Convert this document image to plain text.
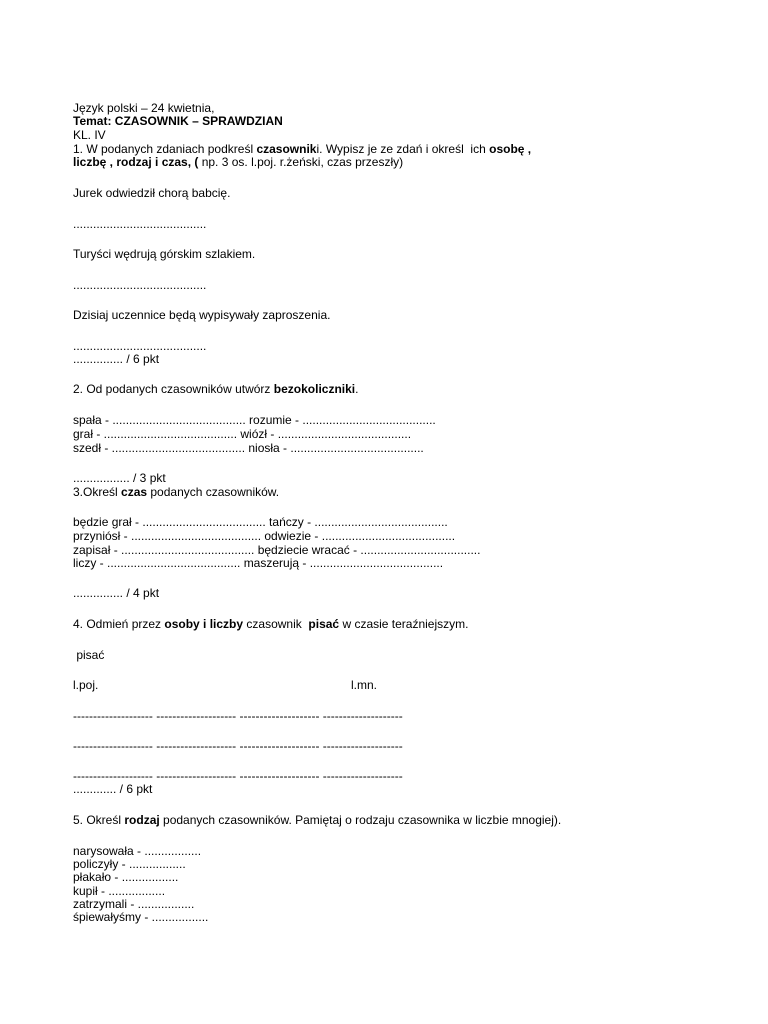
Język polski – 24 kwietnia,
Temat: CZASOWNIK – SPRAWDZIAN
KL. IV
1. W podanych zdaniach podkreśl czasowniki. Wypisz je ze zdań i określ  ich osobę ,
liczbę , rodzaj i czas, ( np. 3 os. l.poj. r.żeński, czas przeszły)
Jurek odwiedził chorą babcię.
........................................
Turyści wędrują górskim szlakiem.
........................................
Dzisiaj uczennice będą wypisywały zaproszenia.
........................................
............... / 6 pkt
2. Od podanych czasowników utwórz bezokoliczniki.
spała - ........................................ rozumie - ........................................
grał - ........................................ wiózł - ........................................
szedł - ........................................ niosła - ........................................
................. / 3 pkt
3.Określ czas podanych czasowników.
będzie grał - ..................................... tańczy - ........................................
przyniósł - ....................................... odwiezie - ........................................
zapisał - ........................................ będziecie wracać - ....................................
liczy - ........................................ maszerują - ........................................
............... / 4 pkt
4. Odmień przez osoby i liczby czasownik  pisać w czasie teraźniejszym.
pisać
l.poj.	l.mn.
-------------------- -------------------- -------------------- --------------------
-------------------- -------------------- -------------------- --------------------
-------------------- -------------------- -------------------- --------------------
............. / 6 pkt
5. Określ rodzaj podanych czasowników. Pamiętaj o rodzaju czasownika w liczbie mnogiej).
narysowała - .................
policzyły - .................
płakało - .................
kupił - .................
zatrzymali - .................
śpiewałyśmy - .................
